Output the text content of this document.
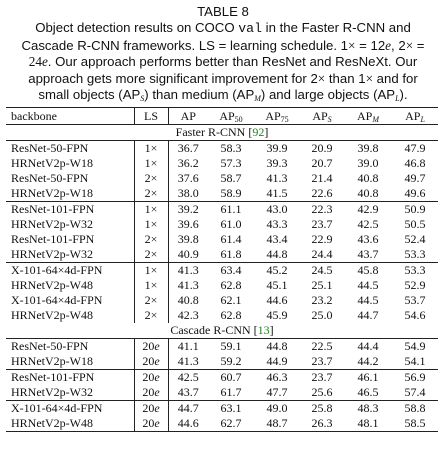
TABLE 8
Object detection results on COCO val in the Faster R-CNN and
Cascade R-CNN frameworks. LS = learning schedule. 1× = 12e, 2× =
24e. Our approach performs better than ResNet and ResNeXt. Our
approach gets more significant improvement for 2× than 1× and for
small objects $(AP_S)$ than medium $(AP_M)$ and large objects $(AP_L)$.
backbone	LS	AP	$AP_{50}$	$AP_{75}$	$AP_S$	$AP_M$	$AP_L$
Faster R-CNN [92]							
ResNet-50-FPN	1×	36.7	58.3	39.9	20.9	39.8	47.9
HRNetV2p-W18	1×	36.2	57.3	39.3	20.7	39.0	46.8
ResNet-50-FPN	2×	37.6	58.7	41.3	21.4	40.8	49.7
HRNetV2p-W18	2×	38.0	58.9	41.5	22.6	40.8	49.6
ResNet-101-FPN	1×	39.2	61.1	43.0	22.3	42.9	50.9
HRNetV2p-W32	1×	39.6	61.0	43.3	23.7	42.5	50.5
ResNet-101-FPN	2×	39.8	61.4	43.4	22.9	43.6	52.4
HRNetV2p-W32	2×	40.9	61.8	44.8	24.4	43.7	53.3
X-101-64×4d-FPN	1×	41.3	63.4	45.2	24.5	45.8	53.3
HRNetV2p-W48	1×	41.3	62.8	45.1	25.1	44.5	52.9
X-101-64×4d-FPN	2×	40.8	62.1	44.6	23.2	44.5	53.7
HRNetV2p-W48	2×	42.3	62.8	45.9	25.0	44.7	54.6
Cascade R-CNN [13]							
ResNet-50-FPN	20e	41.1	59.1	44.8	22.5	44.4	54.9
HRNetV2p-W18	20e	41.3	59.2	44.9	23.7	44.2	54.1
ResNet-101-FPN	20e	42.5	60.7	46.3	23.7	46.1	56.9
HRNetV2p-W32	20e	43.7	61.7	47.7	25.6	46.5	57.4
X-101-64×4d-FPN	20e	44.7	63.1	49.0	25.8	48.3	58.8
HRNetV2p-W48	20e	44.6	62.7	48.7	26.3	48.1	58.5
